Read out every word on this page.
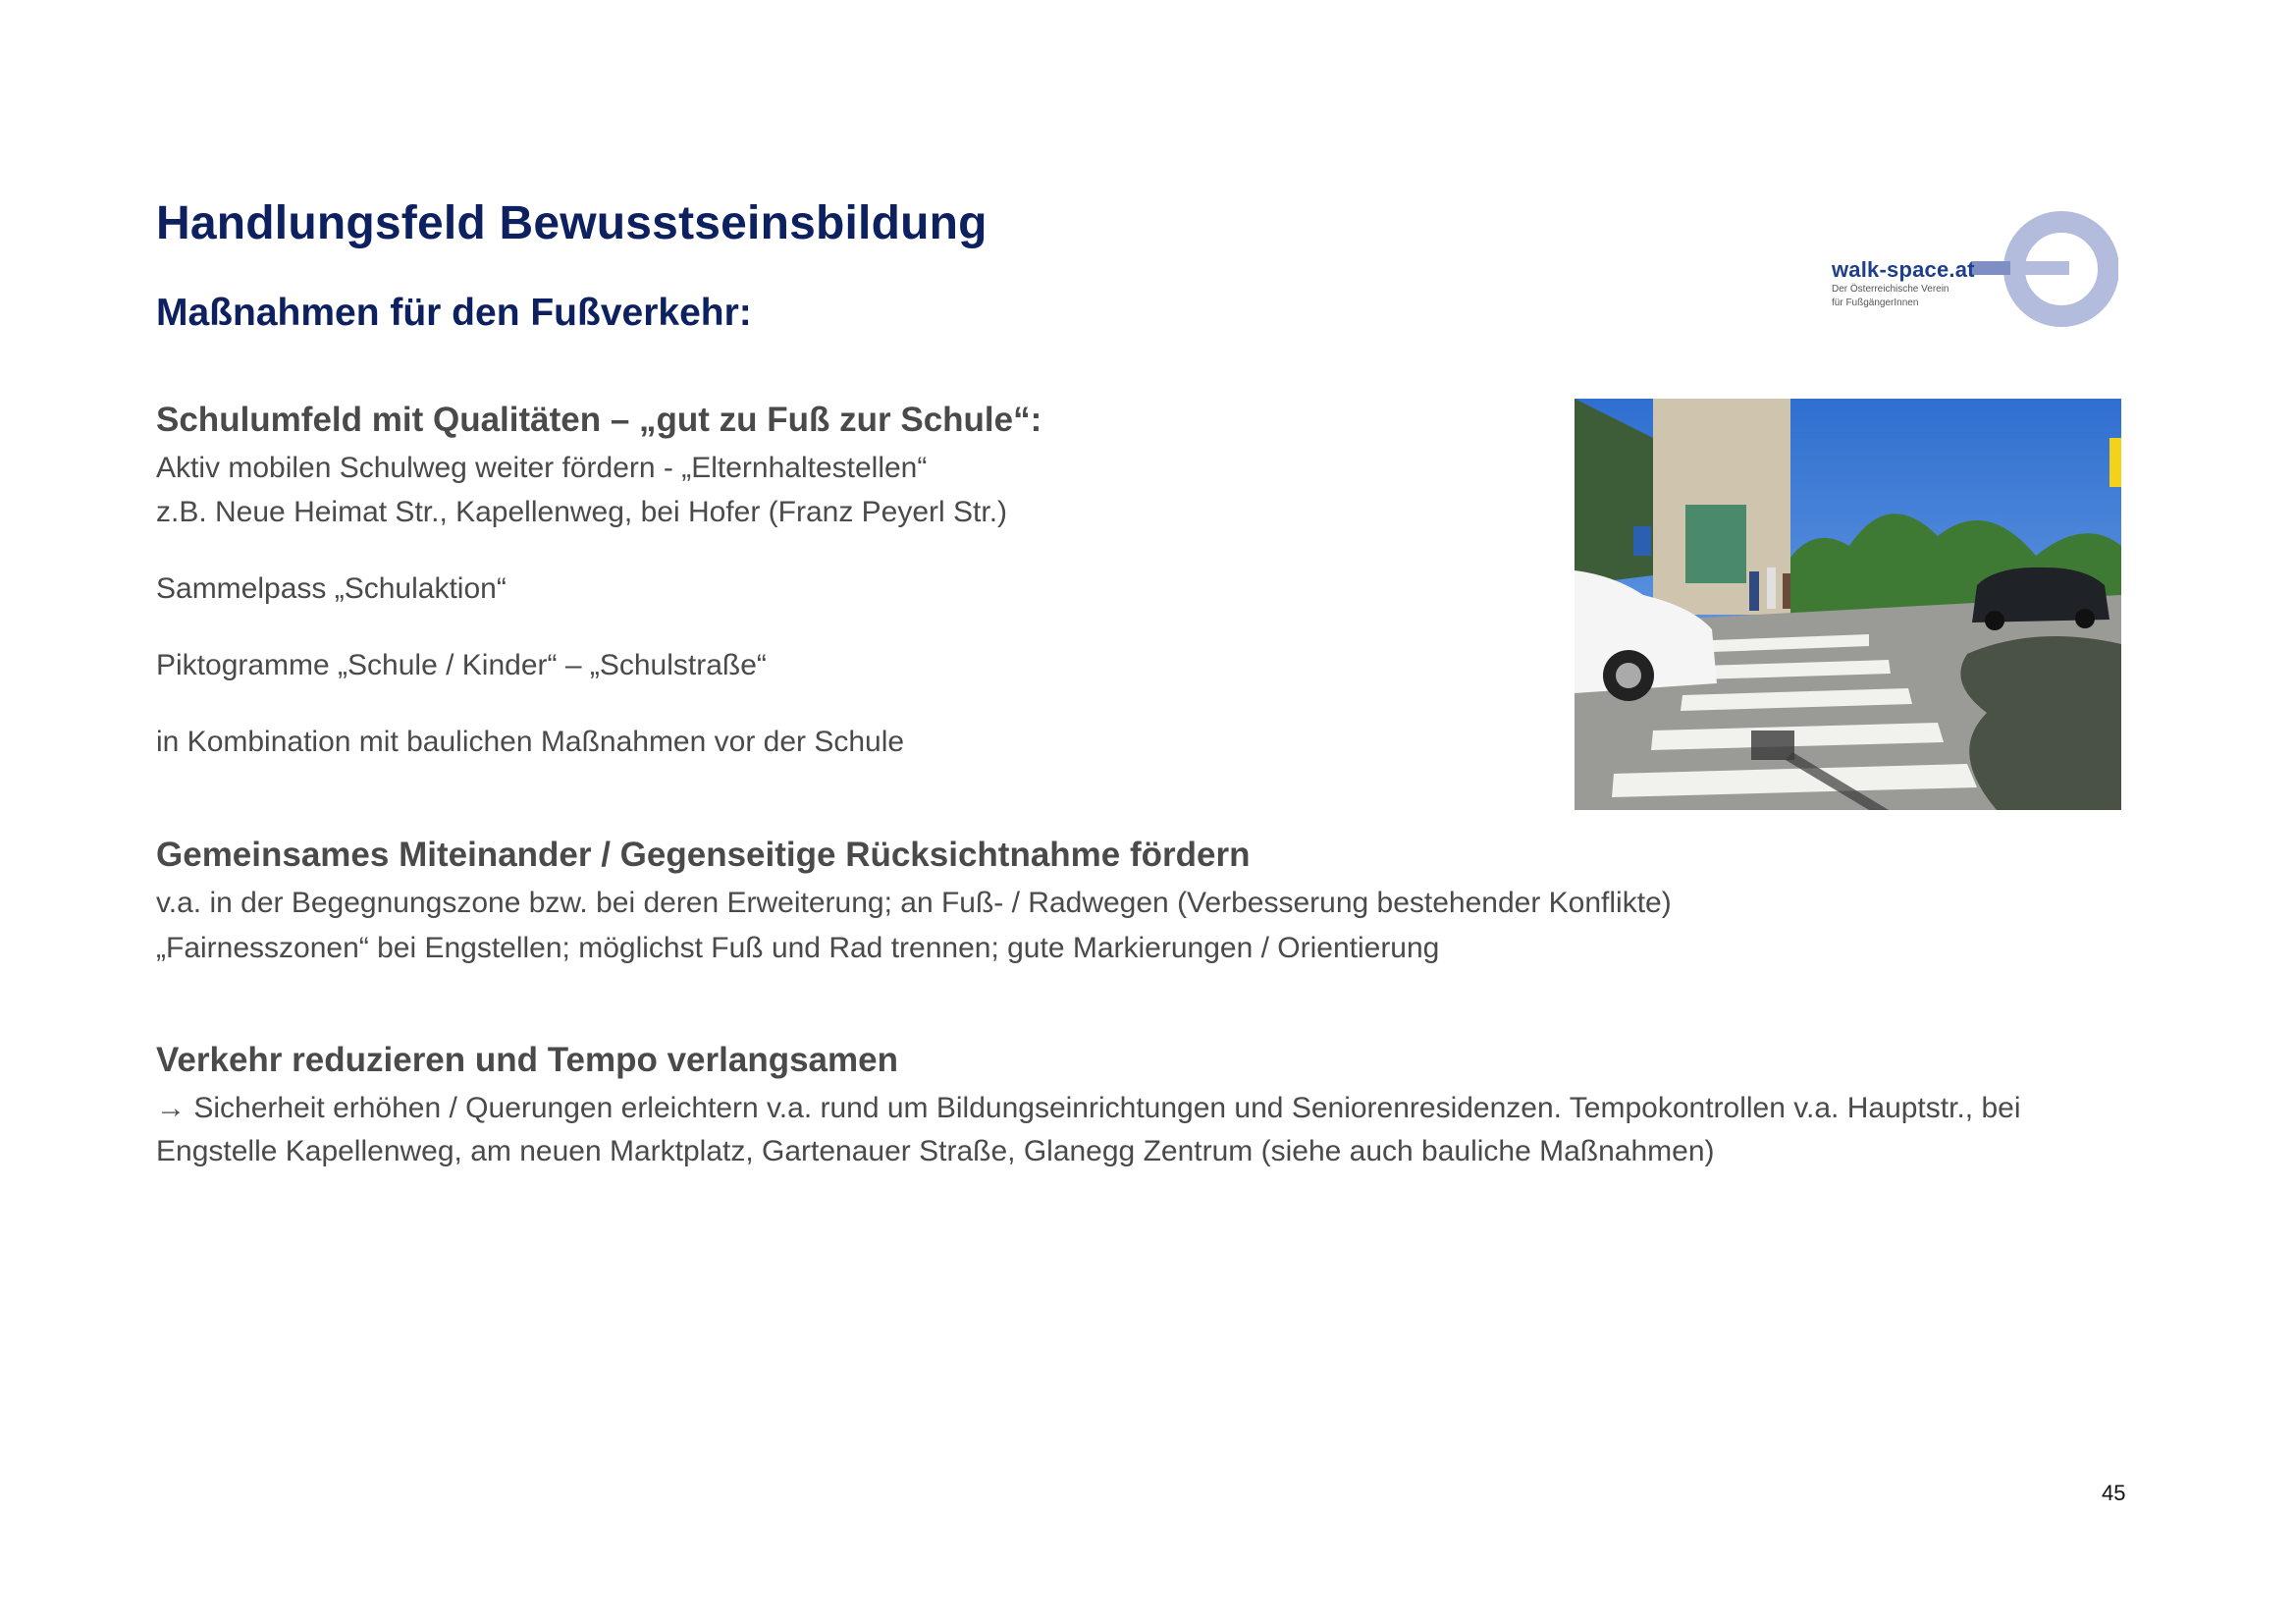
Handlungsfeld Bewusstseinsbildung
Maßnahmen für den Fußverkehr:
walk-space.at
Der Österreichische Verein
für FußgängerInnen
Schulumfeld mit Qualitäten – „gut zu Fuß zur Schule“:

Aktiv mobilen Schulweg weiter fördern - „Elternhaltestellen“

z.B. Neue Heimat Str., Kapellenweg, bei Hofer (Franz Peyerl Str.)

Sammelpass „Schulaktion“

Piktogramme „Schule / Kinder“ – „Schulstraße“

in Kombination mit baulichen Maßnahmen vor der Schule

Gemeinsames Miteinander / Gegenseitige Rücksichtnahme fördern

v.a. in der Begegnungszone bzw. bei deren Erweiterung; an Fuß- / Radwegen (Verbesserung bestehender Konflikte)

„Fairnesszonen“ bei Engstellen; möglichst Fuß und Rad trennen; gute Markierungen / Orientierung

Verkehr reduzieren und Tempo verlangsamen

→ Sicherheit erhöhen / Querungen erleichtern v.a. rund um Bildungseinrichtungen und Seniorenresidenzen. Tempokontrollen v.a. Hauptstr., bei

Engstelle Kapellenweg, am neuen Marktplatz, Gartenauer Straße, Glanegg Zentrum (siehe auch bauliche Maßnahmen)

45
